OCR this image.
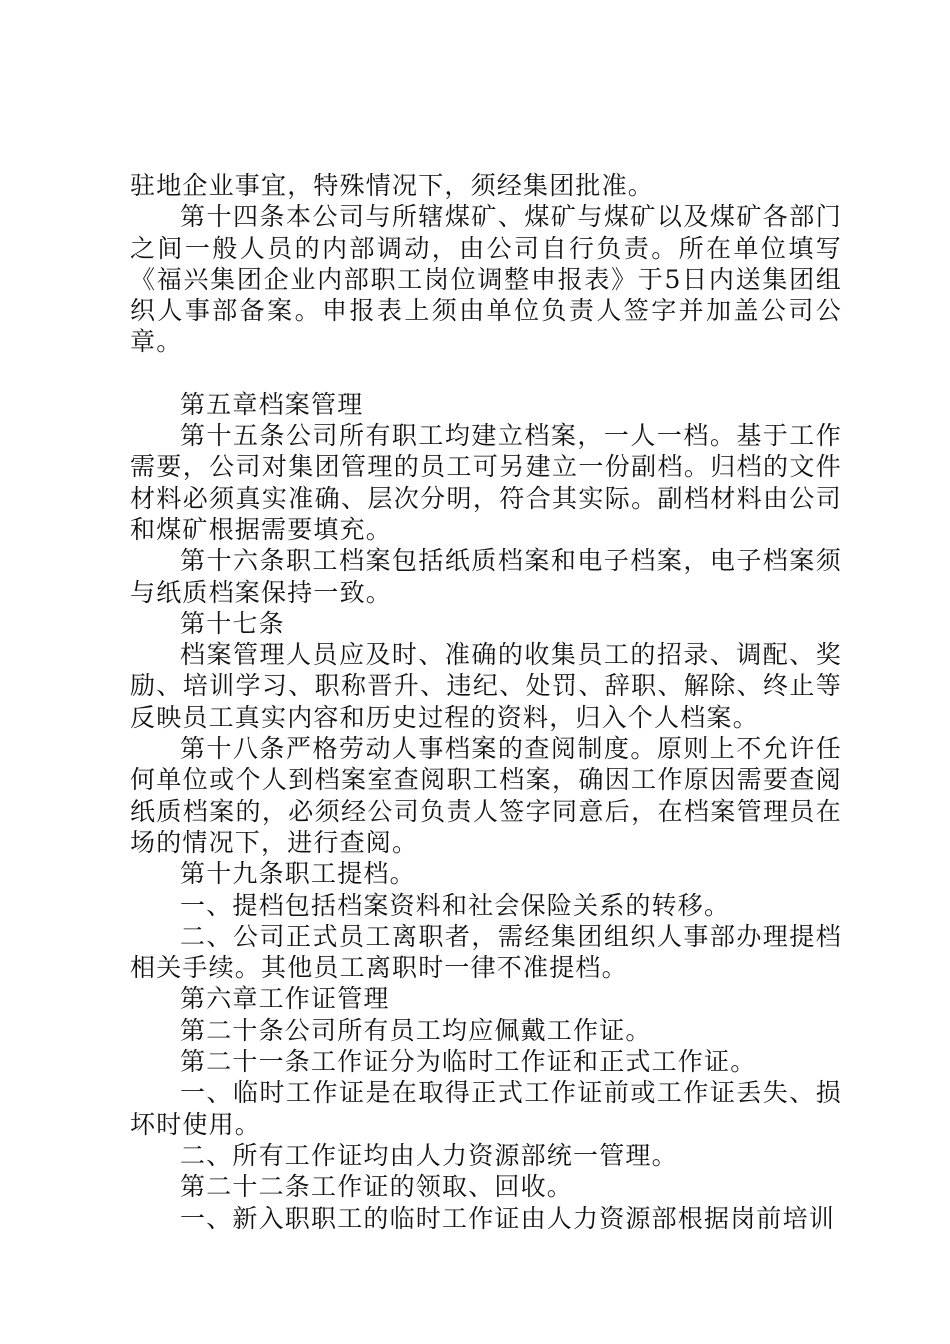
驻地企业事宜，特殊情况下，须经集团批准。

第十四条本公司与所辖煤矿、煤矿与煤矿以及煤矿各部门之间一般人员的内部调动，由公司自行负责。所在单位填写《福兴集团企业内部职工岗位调整申报表》于5日内送集团组织人事部备案。申报表上须由单位负责人签字并加盖公司公章。

第五章档案管理

第十五条公司所有职工均建立档案，一人一档。基于工作需要，公司对集团管理的员工可另建立一份副档。归档的文件材料必须真实准确、层次分明，符合其实际。副档材料由公司和煤矿根据需要填充。

第十六条职工档案包括纸质档案和电子档案，电子档案须与纸质档案保持一致。

第十七条

档案管理人员应及时、准确的收集员工的招录、调配、奖励、培训学习、职称晋升、违纪、处罚、辞职、解除、终止等反映员工真实内容和历史过程的资料，归入个人档案。

第十八条严格劳动人事档案的查阅制度。原则上不允许任何单位或个人到档案室查阅职工档案，确因工作原因需要查阅纸质档案的，必须经公司负责人签字同意后，在档案管理员在场的情况下，进行查阅。

第十九条职工提档。

一、提档包括档案资料和社会保险关系的转移。

二、公司正式员工离职者，需经集团组织人事部办理提档相关手续。其他员工离职时一律不准提档。

第六章工作证管理

第二十条公司所有员工均应佩戴工作证。

第二十一条工作证分为临时工作证和正式工作证。

一、临时工作证是在取得正式工作证前或工作证丢失、损坏时使用。

二、所有工作证均由人力资源部统一管理。

第二十二条工作证的领取、回收。

一、新入职职工的临时工作证由人力资源部根据岗前培训
